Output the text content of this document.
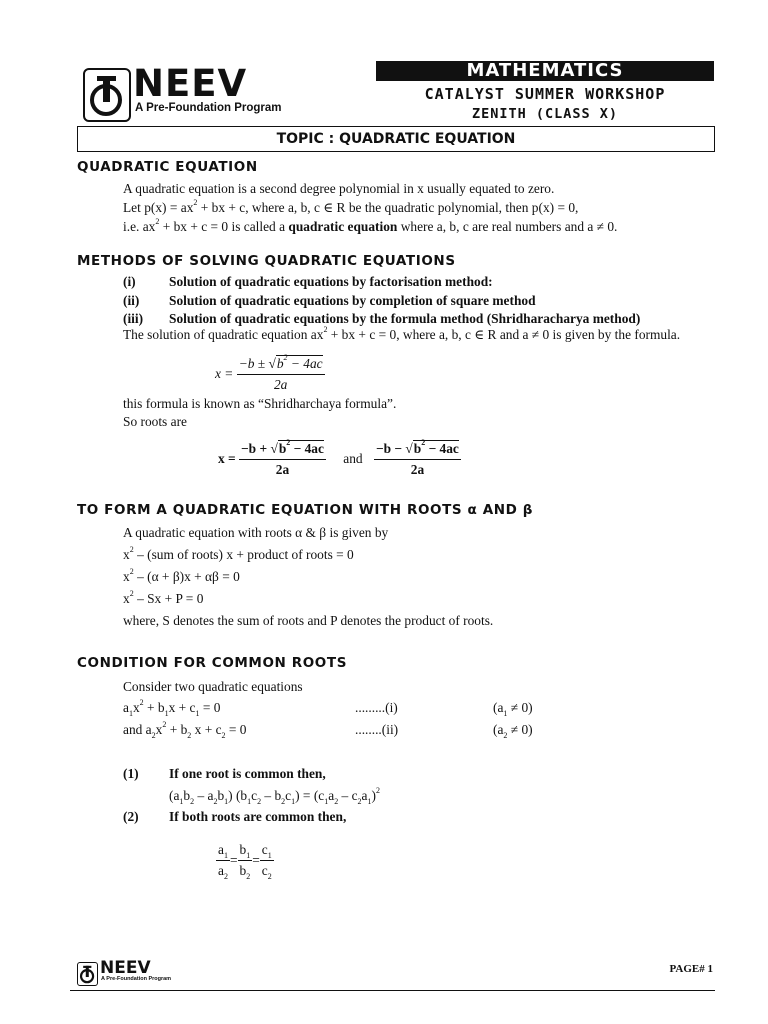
NEEV
A Pre-Foundation Program
MATHEMATICS
CATALYST SUMMER WORKSHOP
ZENITH (CLASS X)
TOPIC : QUADRATIC EQUATION
QUADRATIC EQUATION
A quadratic equation is a second degree polynomial in x usually equated to zero.
Let $p(x) = ax^2$ + bx + c, where a, b, c ∈ R be the quadratic polynomial, then p(x) = 0,
i.e. $ax^2$ + bx + c = 0 is called a quadratic equation where a, b, c are real numbers and a ≠ 0.
METHODS OF SOLVING QUADRATIC EQUATIONS
(i) Solution of quadratic equations by factorisation method:
(ii) Solution of quadratic equations by completion of square method
(iii) Solution of quadratic equations by the formula method (Shridharacharya method)
The solution of quadratic equation $ax^2$ + bx + c = 0, where a, b, c ∈ R and a ≠ 0 is given by the formula.
$x = \frac{-b \pm √b^2 - 4ac}{2a}$
this formula is known as “Shridharchaya formula”.
So roots are
$x = \frac{-b + √b^2 - 4ac}{2a}$ and $\frac{-b - √b^2 - 4ac}{2a}$
TO FORM A QUADRATIC EQUATION WITH ROOTS α AND β
A quadratic equation with roots α & β is given by
$x^2 - (sum$ of roots) x + product of roots = 0
$x^2 - (\alpha + \beta)x + \alpha\beta = 0$
$x^2 - Sx + P = 0$
where, S denotes the sum of roots and P denotes the product of roots.
CONDITION FOR COMMON ROOTS
Consider two quadratic equations
$a_1x^2 + b_1x + c_1 = 0$	.........(i)	$(a_1 \ne 0)$
and $a_2x^2 + b_2$ $x + c_2 = 0$	........(ii)	$(a_2 \ne 0)$
(1) If one root is common then,
$(a_1b_2 - a_2b_1)$ $(b_1c_2 - b_2c_1) = (c_1a_2 - c_2a_1)^2$
(2) If both roots are common then,
$\frac{a_1}{a_2} = \frac{b_1}{b_2} = \frac{c_1}{c_2}$
NEEV
A Pre-Foundation Program
PAGE# 1
